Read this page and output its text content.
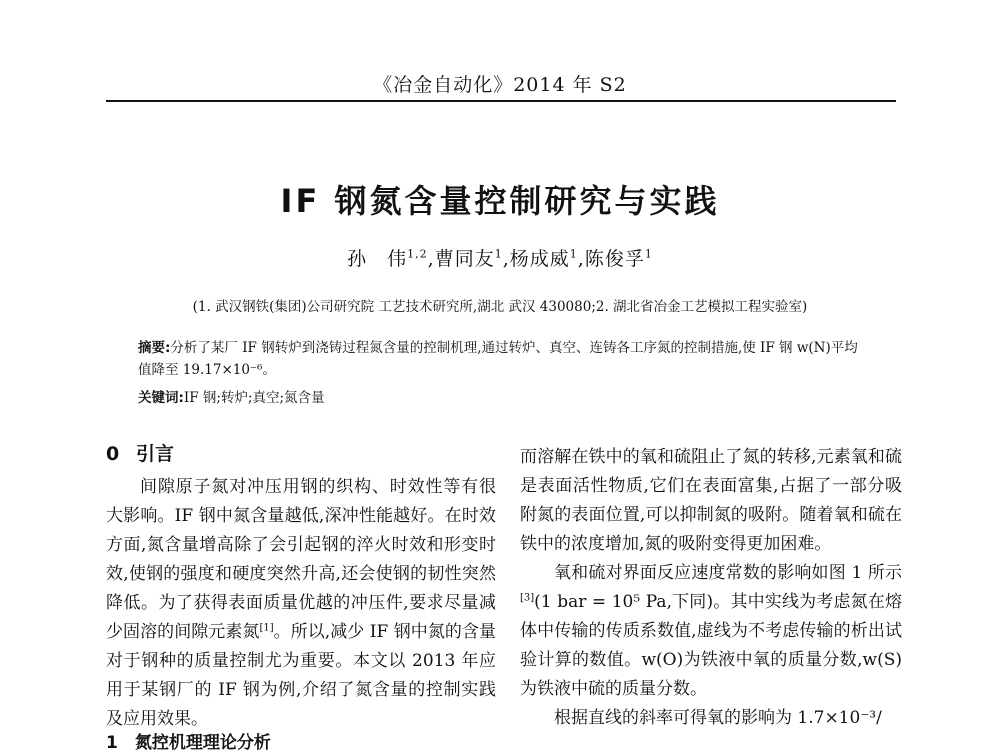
《冶金自动化》2014 年 S2
IF 钢氮含量控制研究与实践
孙　伟$^{1,2}$,曹同友$^1$,杨成威$^1$,陈俊孚$^1$
(1. 武汉钢铁(集团)公司研究院 工艺技术研究所,湖北 武汉 430080;2. 湖北省冶金工艺模拟工程实验室)
摘要:分析了某厂 IF 钢转炉到浇铸过程氮含量的控制机理,通过转炉、真空、连铸各工序氮的控制措施,使 IF 钢 w(N)平均值降至 19.17×10⁻⁶。
关键词:IF 钢;转炉;真空;氮含量
0 引言

间隙原子氮对冲压用钢的织构、时效性等有很大影响。IF 钢中氮含量越低,深冲性能越好。在时效方面,氮含量增高除了会引起钢的淬火时效和形变时效,使钢的强度和硬度突然升高,还会使钢的韧性突然降低。为了获得表面质量优越的冲压件,要求尽量减少固溶的间隙元素氮[1]。所以,减少 IF 钢中氮的含量对于钢种的质量控制尤为重要。本文以 2013 年应用于某钢厂的 IF 钢为例,介绍了氮含量的控制实践及应用效果。

1　氮控机理理论分析

而溶解在铁中的氧和硫阻止了氮的转移,元素氧和硫是表面活性物质,它们在表面富集,占据了一部分吸附氮的表面位置,可以抑制氮的吸附。随着氧和硫在铁中的浓度增加,氮的吸附变得更加困难。

氧和硫对界面反应速度常数的影响如图 1 所示[3](1 bar = 10⁵ Pa,下同)。其中实线为考虑氮在熔体中传输的传质系数值,虚线为不考虑传输的析出试验计算的数值。w(O)为铁液中氧的质量分数,w(S)为铁液中硫的质量分数。

根据直线的斜率可得氧的影响为 1.7×10⁻³/
